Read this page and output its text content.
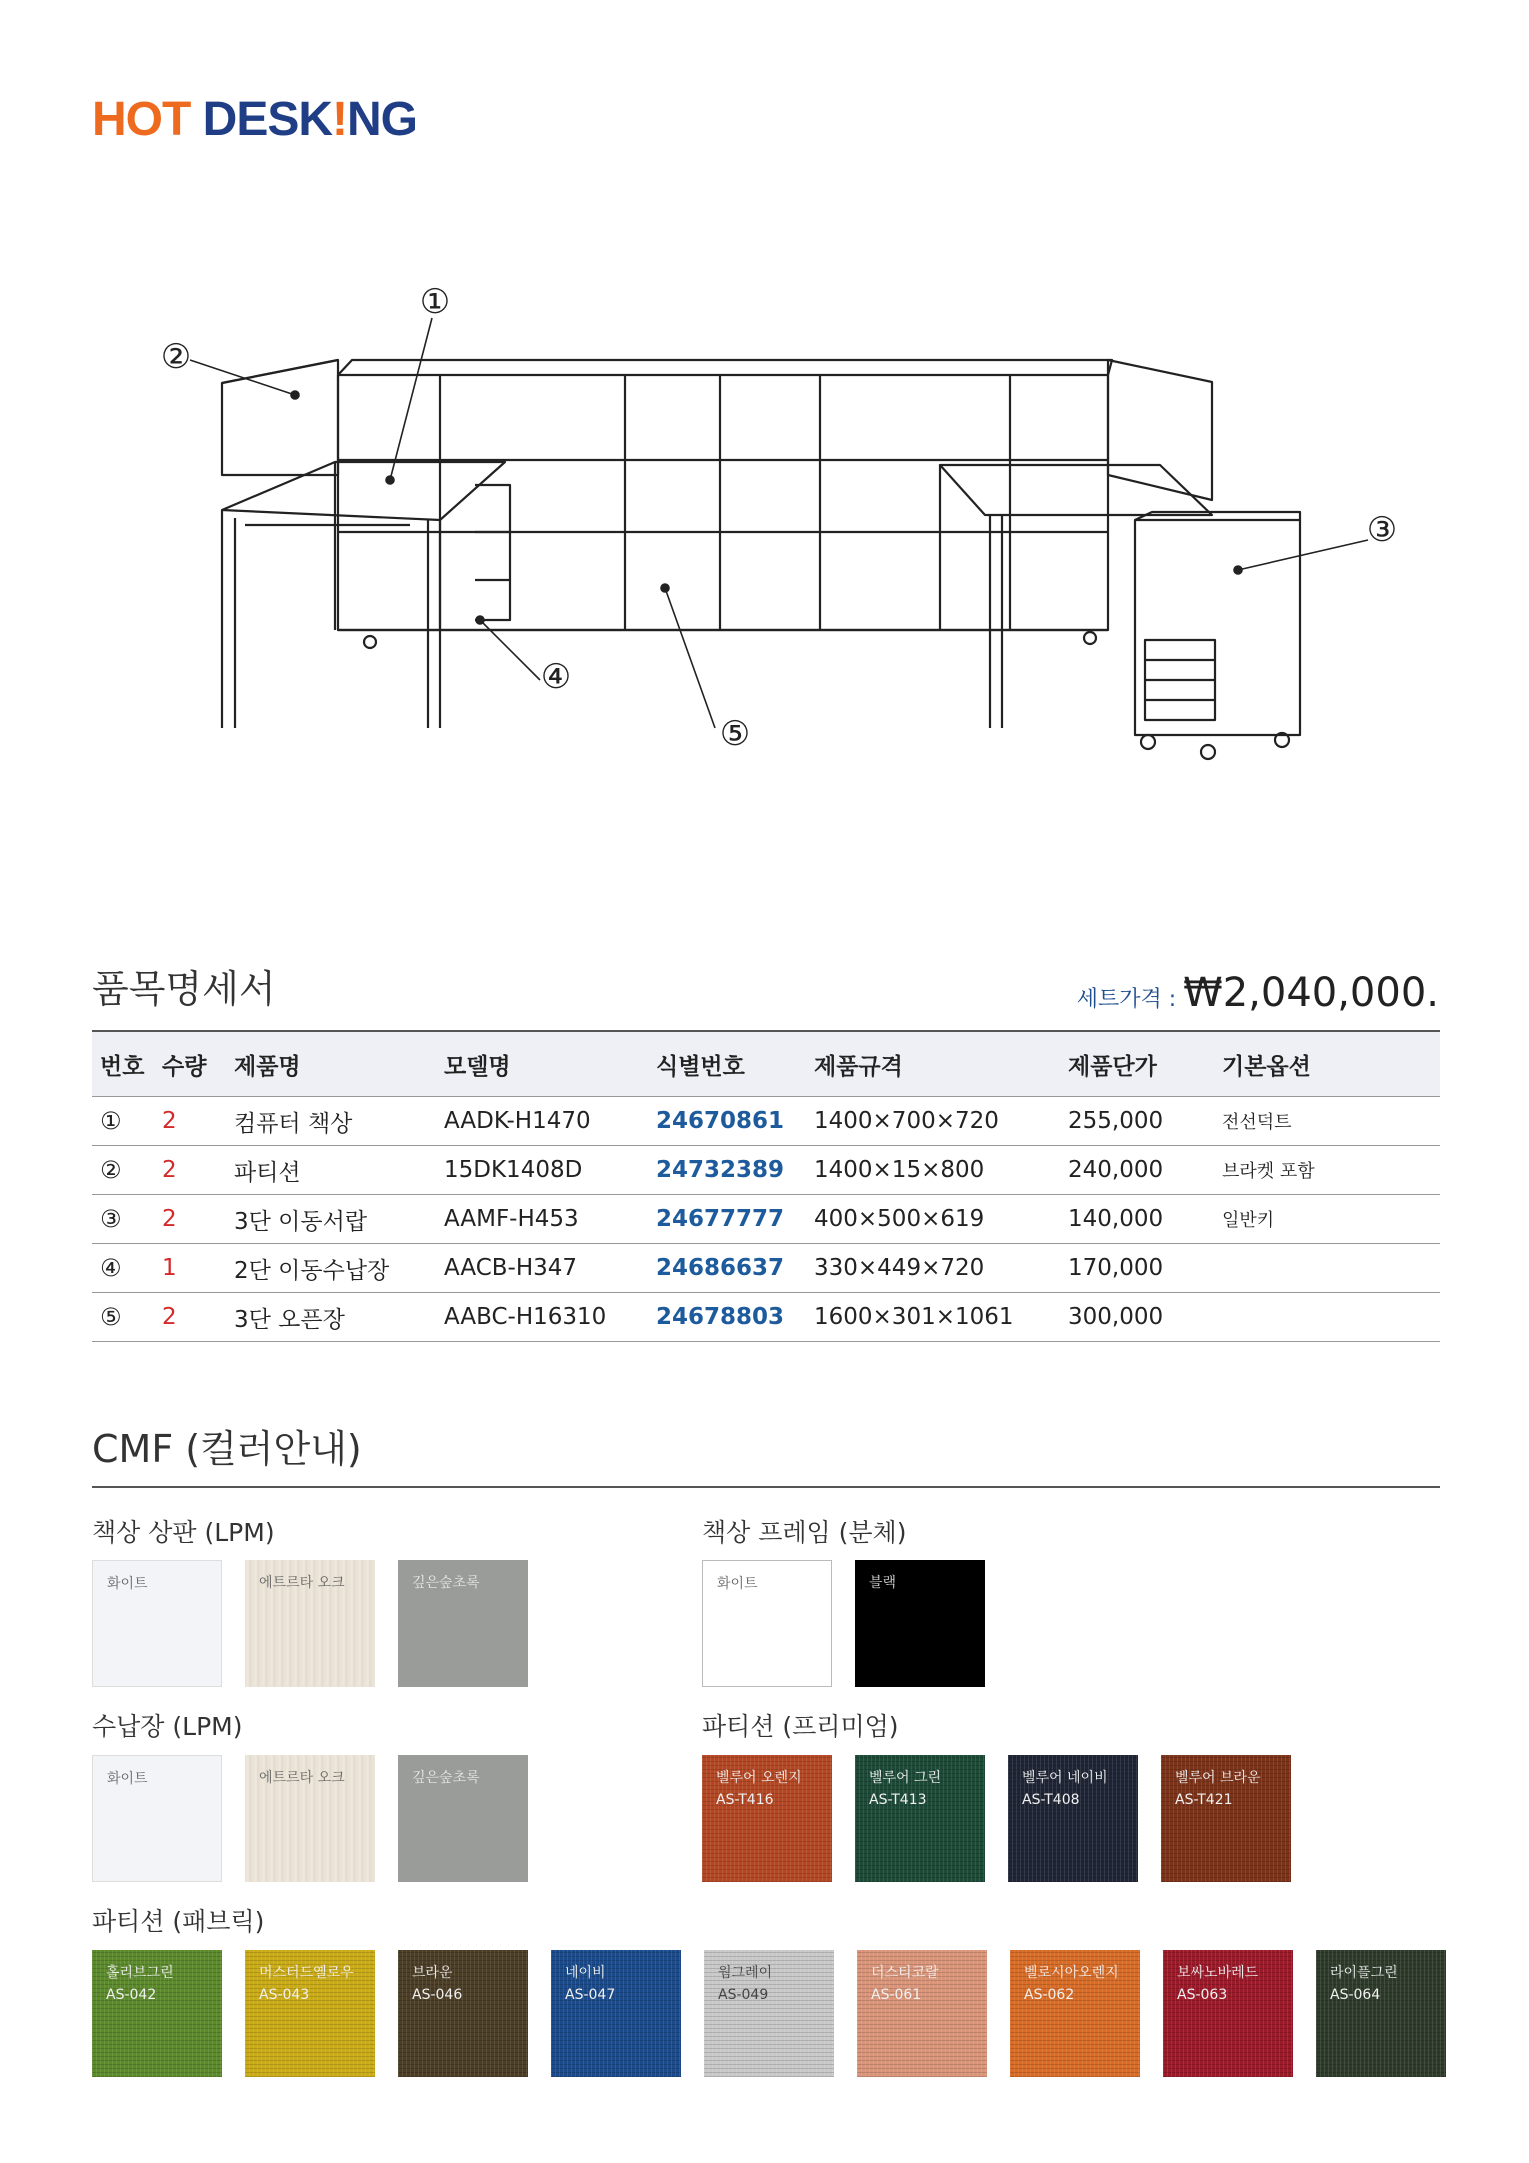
HOT DESK!NG
①
②
③
④
⑤
품목명세서	세트가격 : ₩2,040,000.
번호	수량	제품명	모델명	식별번호	제품규격	제품단가	기본옵션
①	2	컴퓨터 책상	AADK-H1470	24670861	1400×700×720	255,000	전선덕트
②	2	파티션	15DK1408D	24732389	1400×15×800	240,000	브라켓 포함
③	2	3단 이동서랍	AAMF-H453	24677777	400×500×619	140,000	일반키
④	1	2단 이동수납장	AACB-H347	24686637	330×449×720	170,000	
⑤	2	3단 오픈장	AABC-H16310	24678803	1600×301×1061	300,000	
CMF (컬러안내)
책상 상판 (LPM)
화이트	에트르타 오크	깊은숲초록
책상 프레임 (분체)
화이트	블랙
수납장 (LPM)
화이트	에트르타 오크	깊은숲초록
파티션 (프리미엄)
벨루어 오렌지
AS-T416
벨루어 그린
AS-T413
벨루어 네이비
AS-T408
벨루어 브라운
AS-T421
파티션 (패브릭)
홀리브그린
AS-042
머스터드옐로우
AS-043
브라운
AS-046
네이비
AS-047
웜그레이
AS-049
더스티코랄
AS-061
벨로시아오렌지
AS-062
보싸노바레드
AS-063
라이플그린
AS-064
